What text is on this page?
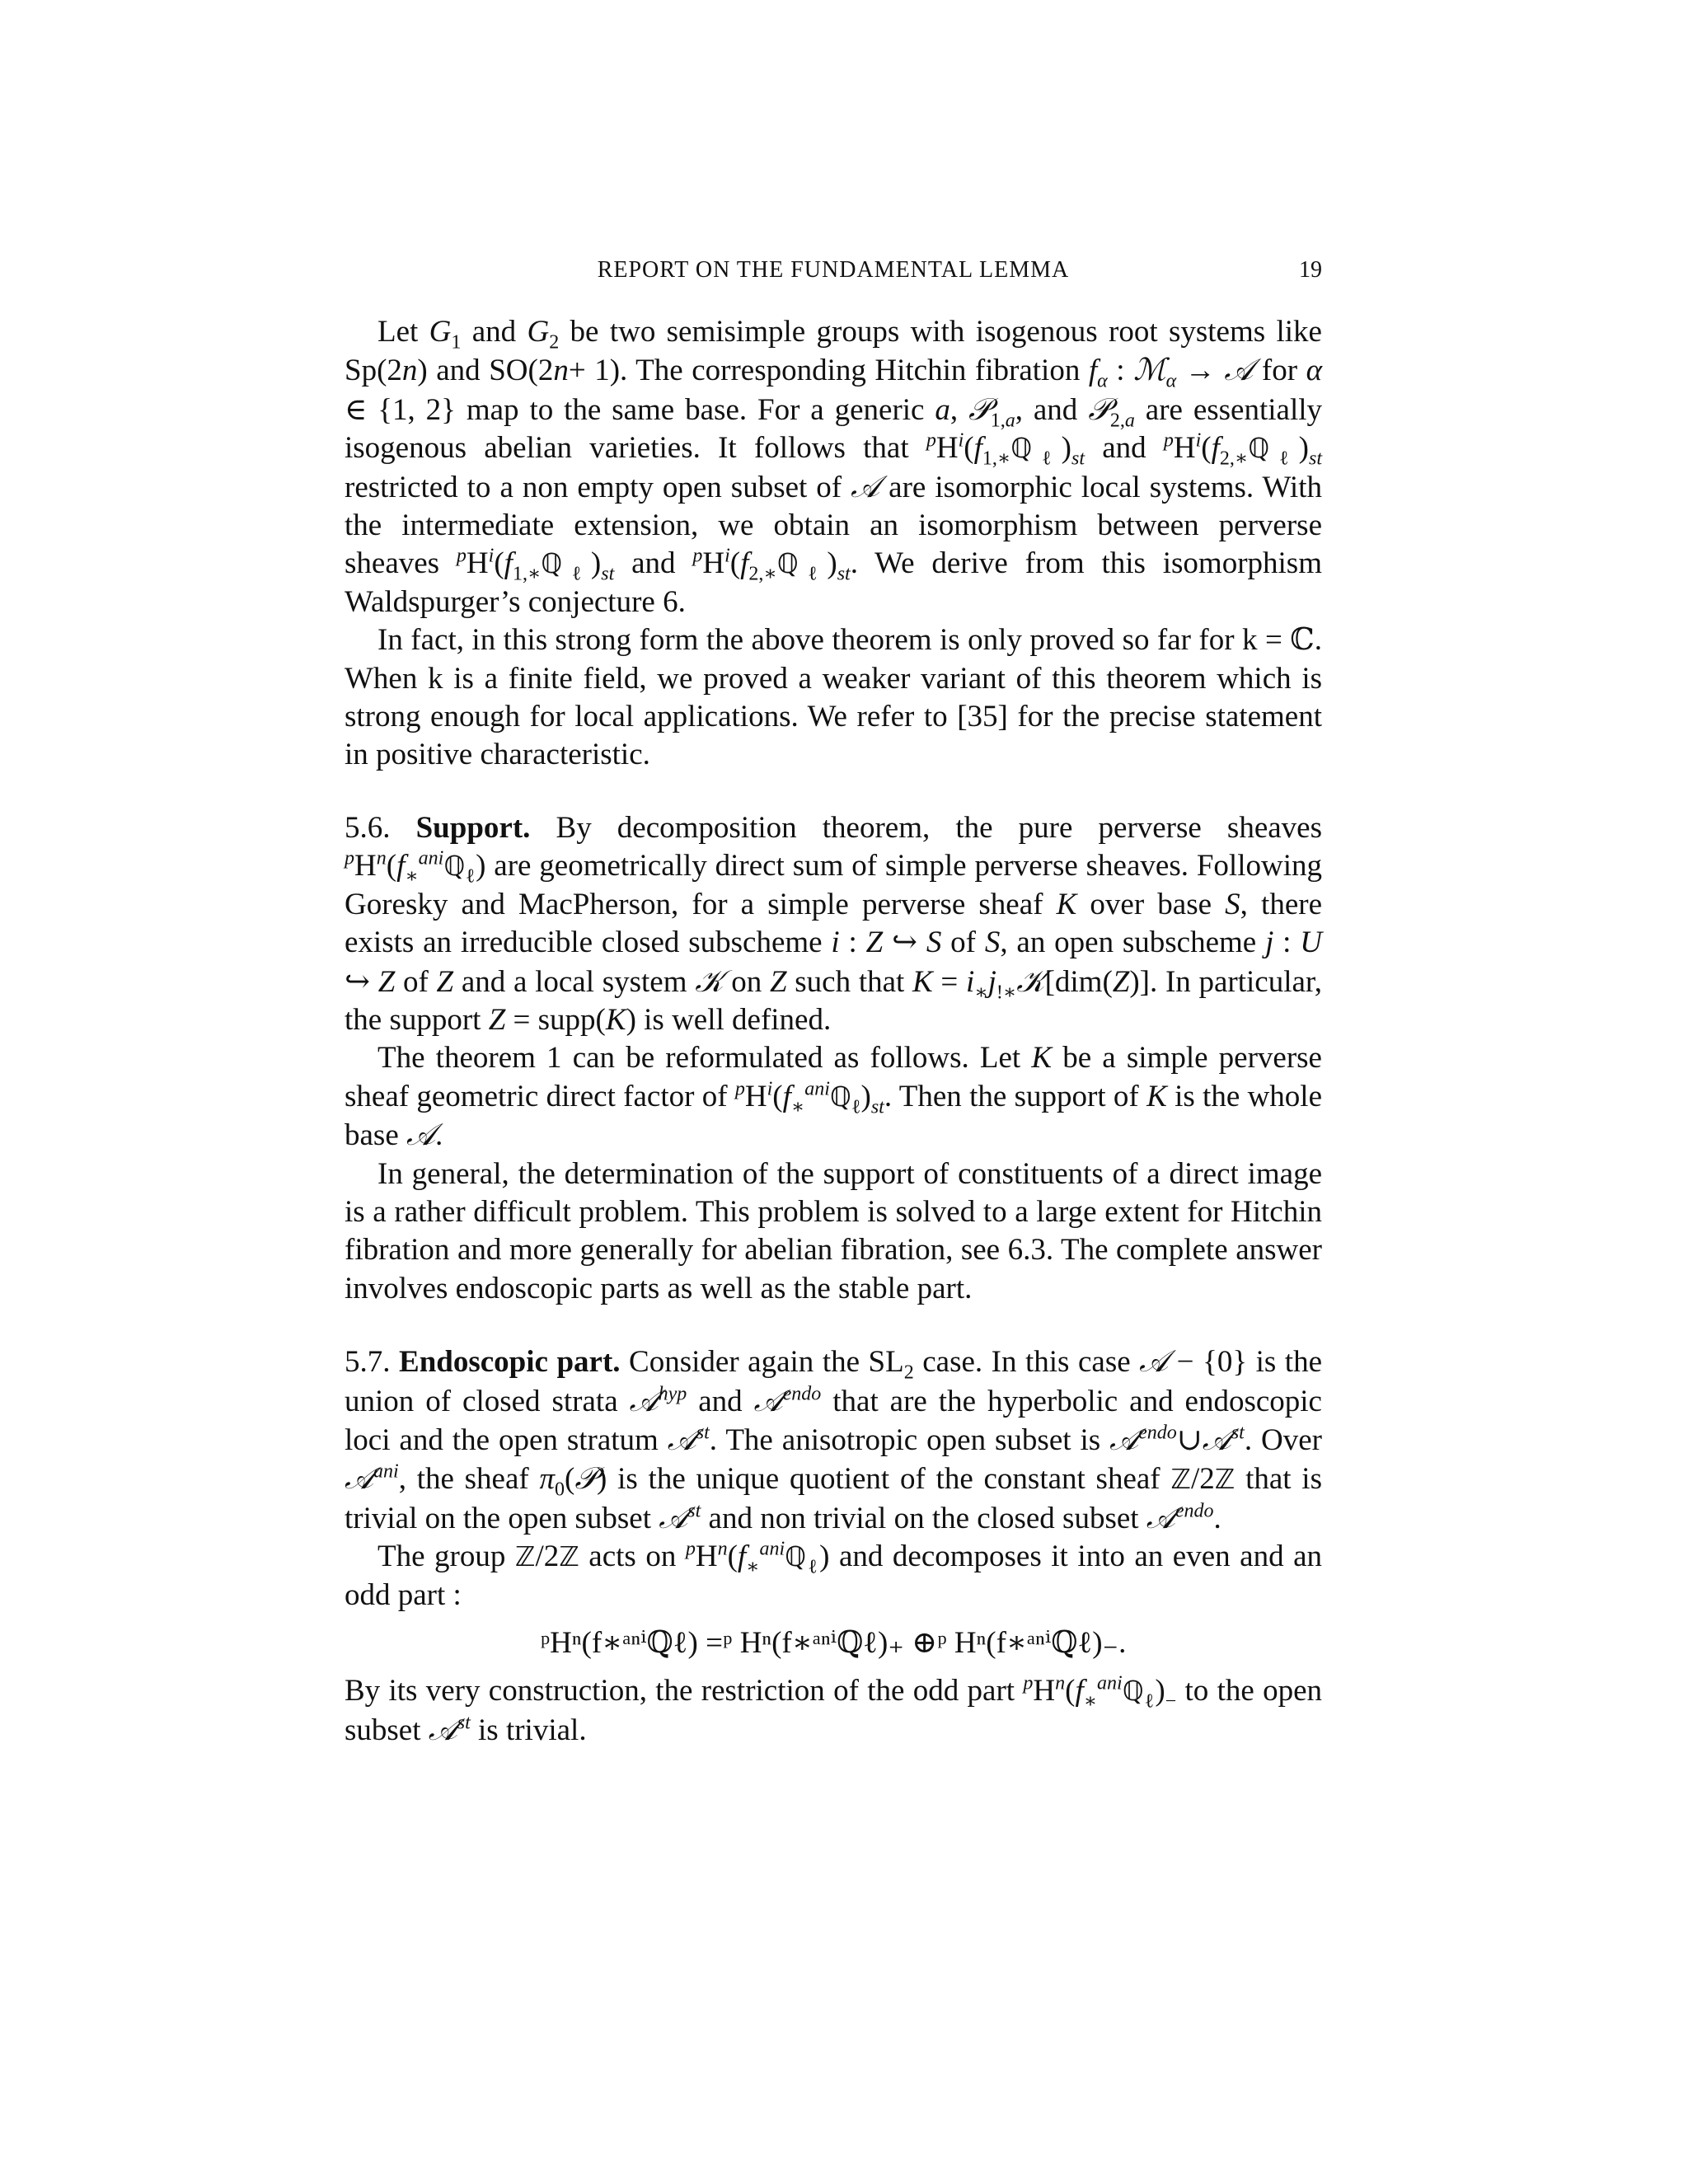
REPORT ON THE FUNDAMENTAL LEMMA	19

Let $G_1$ and $G_2$ be two semisimple groups with isogenous root systems like Sp(2n) and SO(2n+ 1). The corresponding Hitchin fibration $f_\alpha$ : ℳ$_\alpha$ → 𝒜 for α ∈ {1, 2} map to the same base. For a generic a, 𝒫$_{1,a}$, and 𝒫$_{2,a}$ are essentially isogenous abelian varieties. It follows that $^pH^i(f_{1,∗}ℚ_\ell)_{st}$ and $^pH^i(f_{2,∗}ℚ_\ell)_{st}$ restricted to a non empty open subset of 𝒜 are isomorphic local systems. With the intermediate extension, we obtain an isomorphism between perverse sheaves $^pH^i(f_{1,∗}ℚ_\ell)_{st}$ and $^pH^i(f_{2,∗}ℚ_\ell)_{st}$. We derive from this isomorphism Waldspurger’s conjecture 6.

In fact, in this strong form the above theorem is only proved so far for k = ℂ. When k is a finite field, we proved a weaker variant of this theorem which is strong enough for local applications. We refer to [35] for the precise statement in positive characteristic.

5.6. Support. By decomposition theorem, the pure perverse sheaves $^pH^n(f_∗^{ani}ℚ_\ell)$ are geometrically direct sum of simple perverse sheaves. Following Goresky and MacPherson, for a simple perverse sheaf K over base S, there exists an irreducible closed subscheme i : Z ↪ S of S, an open subscheme j : U ↪ Z of Z and a local system 𝒦 on Z such that $K = i_∗j_{!∗}𝒦[dim(Z)]$. In particular, the support Z = supp(K) is well defined.

The theorem 1 can be reformulated as follows. Let K be a simple perverse sheaf geometric direct factor of $^pH^i(f_∗^{ani}ℚ_\ell)_{st}$. Then the support of K is the whole base 𝒜.

In general, the determination of the support of constituents of a direct image is a rather difficult problem. This problem is solved to a large extent for Hitchin fibration and more generally for abelian fibration, see 6.3. The complete answer involves endoscopic parts as well as the stable part.

5.7. Endoscopic part. Consider again the $SL_2$ case. In this case 𝒜 − {0} is the union of closed strata 𝒜$^{hyp}$ and 𝒜$^{endo}$ that are the hyperbolic and endoscopic loci and the open stratum 𝒜$^{st}$. The anisotropic open subset is 𝒜$^{endo}$∪𝒜$^{st}$. Over 𝒜$^{ani}$, the sheaf $\pi_0(𝒫)$ is the unique quotient of the constant sheaf ℤ/2ℤ that is trivial on the open subset 𝒜$^{st}$ and non trivial on the closed subset 𝒜$^{endo}$.

The group ℤ/2ℤ acts on $^pH^n(f_∗^{ani}ℚ_\ell)$ and decomposes it into an even and an odd part :

ᵖHⁿ(f∗ᵃⁿⁱℚℓ) =ᵖ Hⁿ(f∗ᵃⁿⁱℚℓ)₊ ⊕ᵖ Hⁿ(f∗ᵃⁿⁱℚℓ)₋.

By its very construction, the restriction of the odd part $^pH^n(f_∗^{ani}ℚ_\ell)_-$ to the open subset 𝒜$^{st}$ is trivial.
